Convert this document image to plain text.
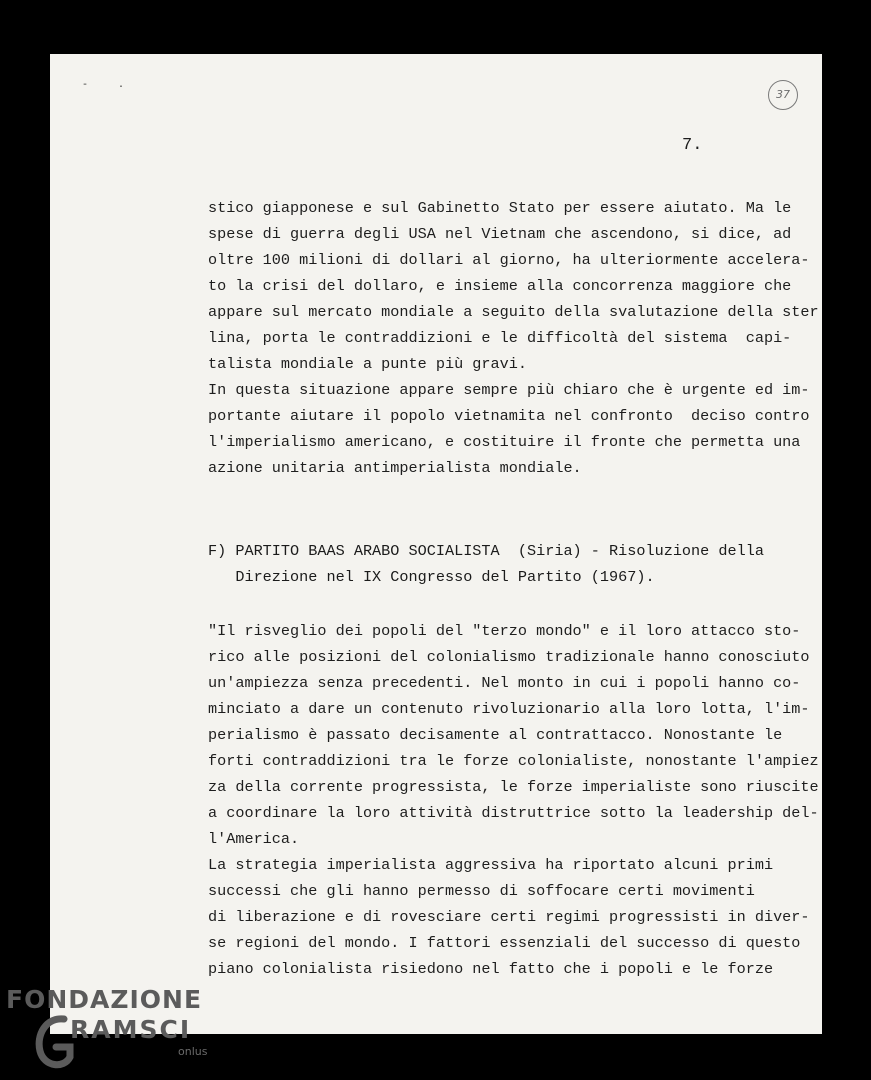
- .
37
7.
stico giapponese e sul Gabinetto Stato per essere aiutato. Ma le
spese di guerra degli USA nel Vietnam che ascendono, si dice, ad
oltre 100 milioni di dollari al giorno, ha ulteriormente accelera-
to la crisi del dollaro, e insieme alla concorrenza maggiore che
appare sul mercato mondiale a seguito della svalutazione della ster
lina, porta le contraddizioni e le difficoltà del sistema  capi-
talista mondiale a punte più gravi.
In questa situazione appare sempre più chiaro che è urgente ed im-
portante aiutare il popolo vietnamita nel confronto  deciso contro
l'imperialismo americano, e costituire il fronte che permetta una
azione unitaria antimperialista mondiale.
F) PARTITO BAAS ARABO SOCIALISTA  (Siria) - Risoluzione della
Direzione nel IX Congresso del Partito (1967).
"Il risveglio dei popoli del "terzo mondo" e il loro attacco sto-
rico alle posizioni del colonialismo tradizionale hanno conosciuto
un'ampiezza senza precedenti. Nel monto in cui i popoli hanno co-
minciato a dare un contenuto rivoluzionario alla loro lotta, l'im-
perialismo è passato decisamente al contrattacco. Nonostante le
forti contraddizioni tra le forze colonialiste, nonostante l'ampiez
za della corrente progressista, le forze imperialiste sono riuscite
a coordinare la loro attività distruttrice sotto la leadership del-
l'America.
La strategia imperialista aggressiva ha riportato alcuni primi
successi che gli hanno permesso di soffocare certi movimenti
di liberazione e di rovesciare certi regimi progressisti in diver-
se regioni del mondo. I fattori essenziali del successo di questo
piano colonialista risiedono nel fatto che i popoli e le forze
FONDAZIONE
RAMSCI
onlus
